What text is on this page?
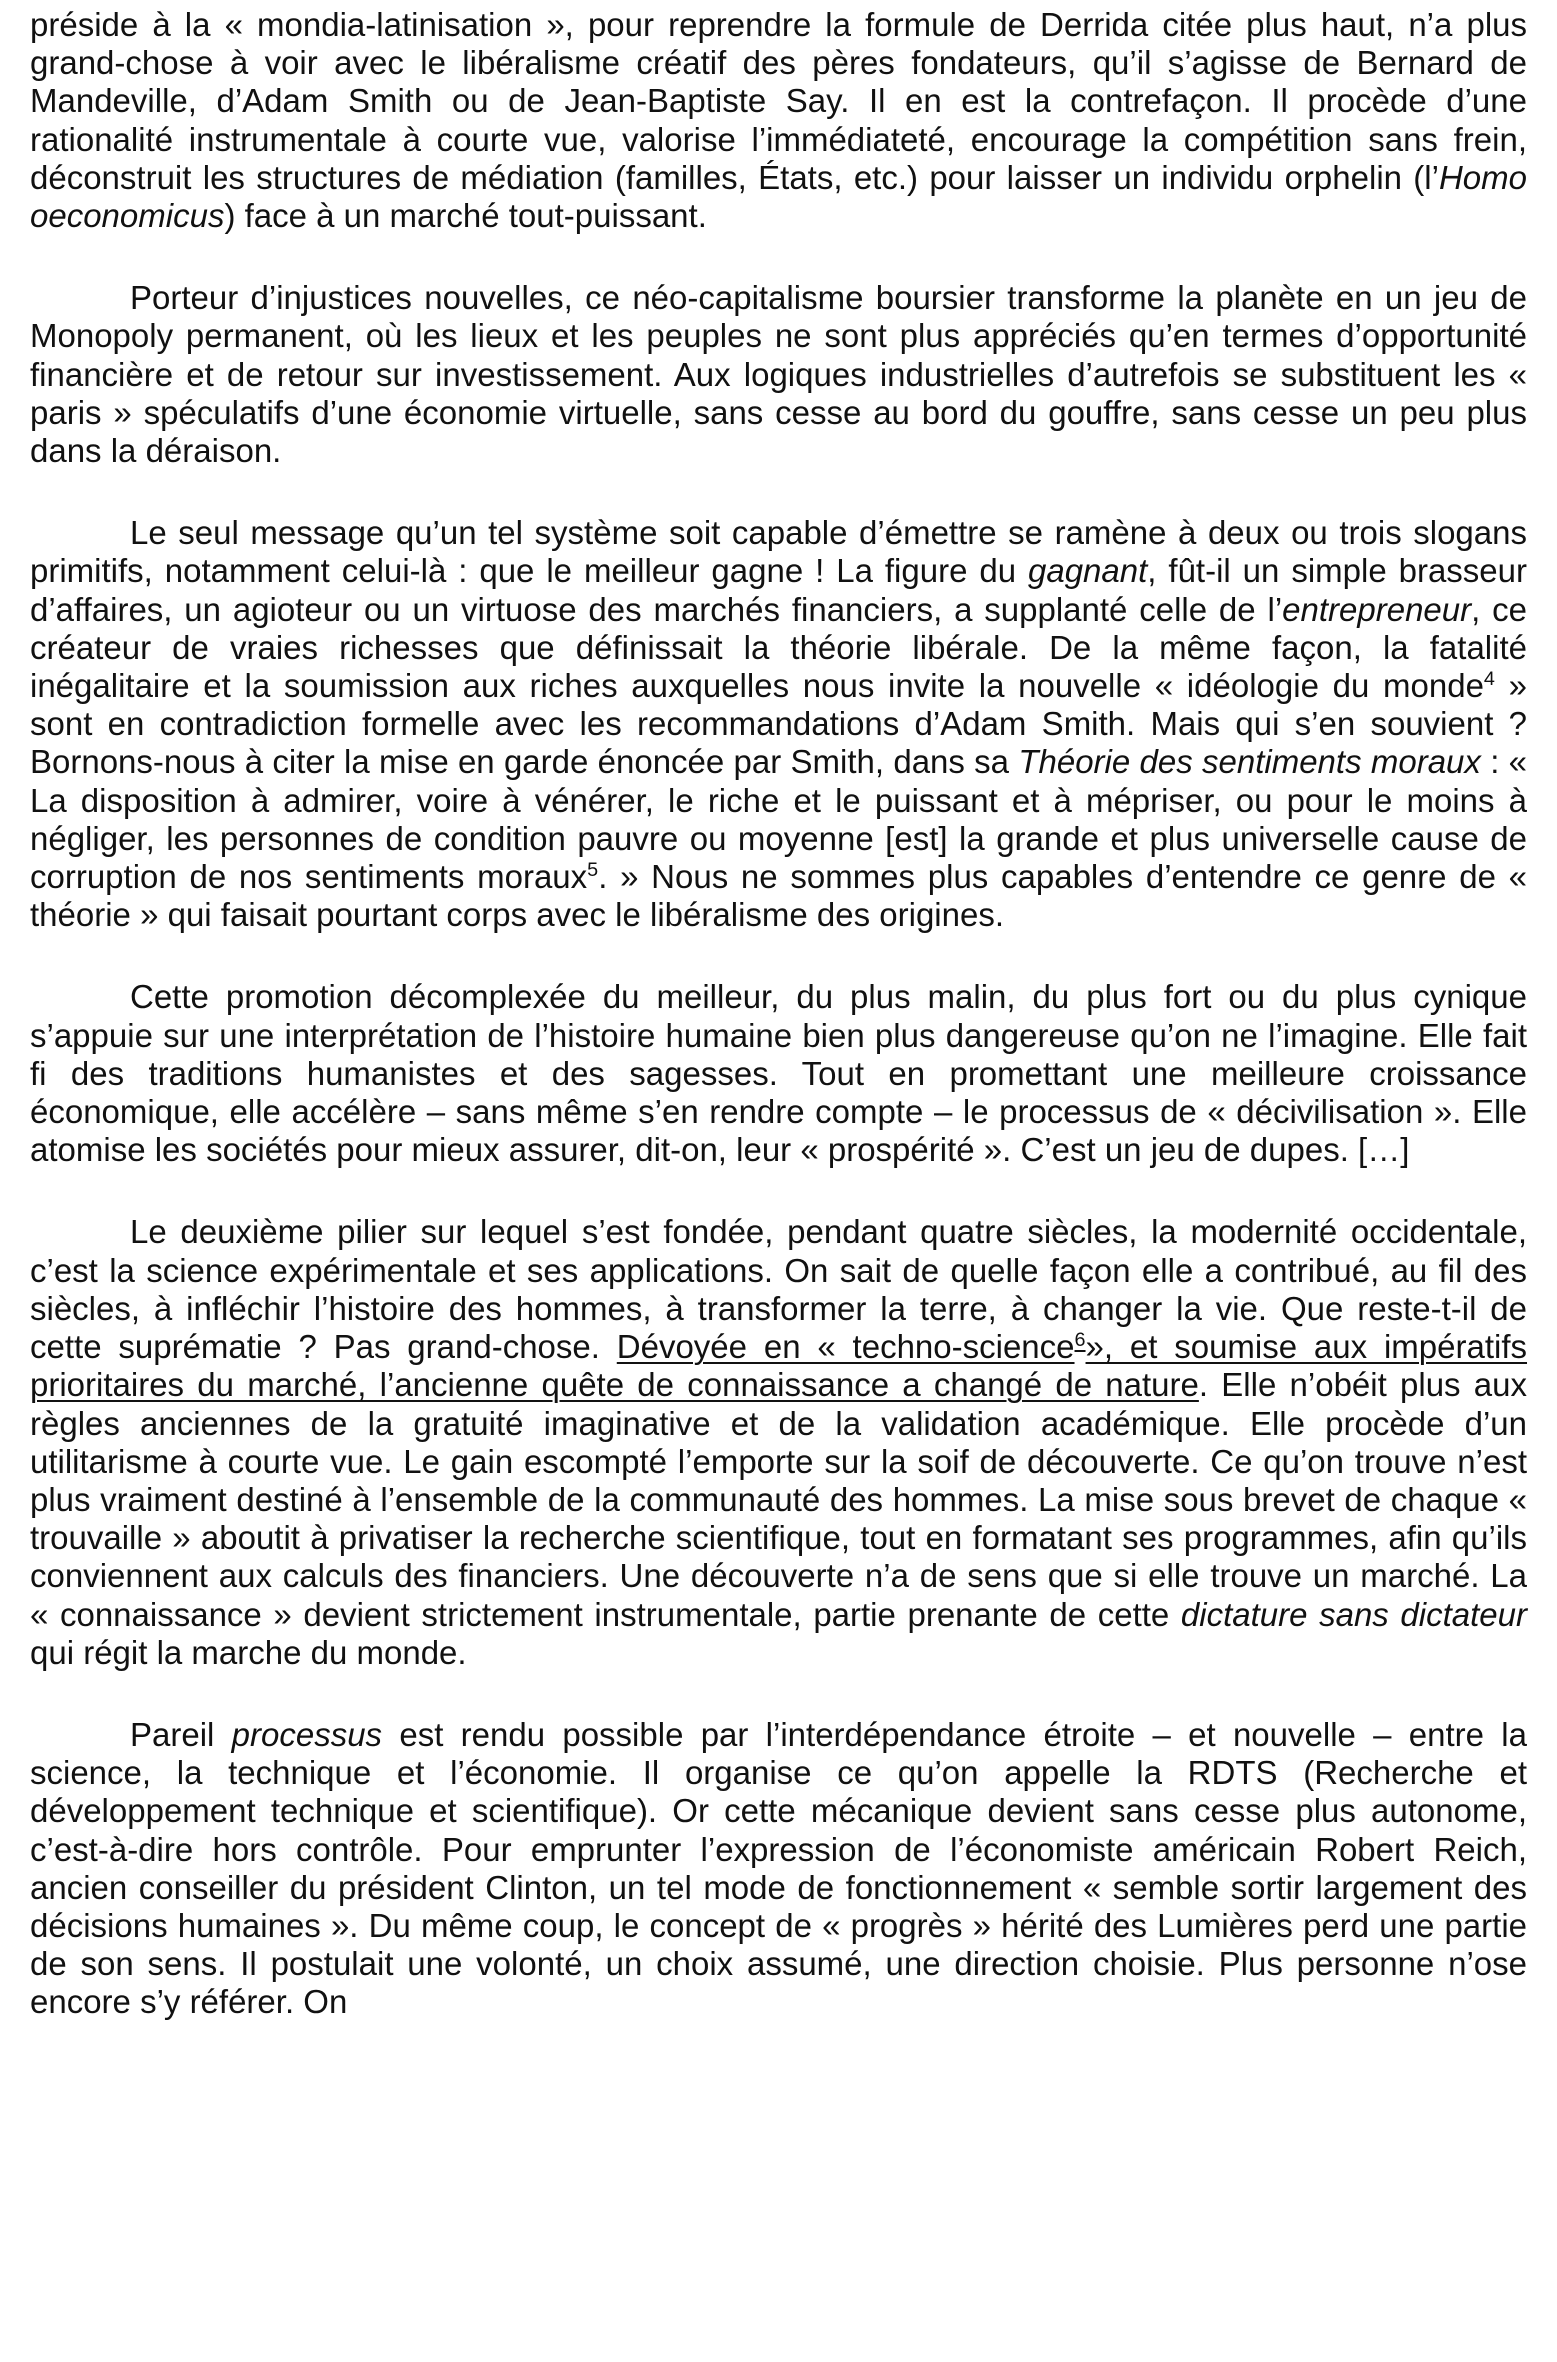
préside à la « mondia-latinisation », pour reprendre la formule de Derrida citée plus haut, n’a plus grand-chose à voir avec le libéralisme créatif des pères fondateurs, qu’il s’agisse de Bernard de Mandeville, d’Adam Smith ou de Jean-Baptiste Say. Il en est la contrefaçon. Il procède d’une rationalité instrumentale à courte vue, valorise l’immédiateté, encourage la compétition sans frein, déconstruit les structures de médiation (familles, États, etc.) pour laisser un individu orphelin (l’Homo oeconomicus) face à un marché tout-puissant.

Porteur d’injustices nouvelles, ce néo-capitalisme boursier transforme la planète en un jeu de Monopoly permanent, où les lieux et les peuples ne sont plus appréciés qu’en termes d’opportunité financière et de retour sur investissement. Aux logiques industrielles d’autrefois se substituent les « paris » spéculatifs d’une économie virtuelle, sans cesse au bord du gouffre, sans cesse un peu plus dans la déraison.

Le seul message qu’un tel système soit capable d’émettre se ramène à deux ou trois slogans primitifs, notamment celui-là : que le meilleur gagne ! La figure du gagnant, fût-il un simple brasseur d’affaires, un agioteur ou un virtuose des marchés financiers, a supplanté celle de l’entrepreneur, ce créateur de vraies richesses que définissait la théorie libérale. De la même façon, la fatalité inégalitaire et la soumission aux riches auxquelles nous invite la nouvelle « idéologie du monde$^4$ » sont en contradiction formelle avec les recommandations d’Adam Smith. Mais qui s’en souvient ? Bornons-nous à citer la mise en garde énoncée par Smith, dans sa Théorie des sentiments moraux : « La disposition à admirer, voire à vénérer, le riche et le puissant et à mépriser, ou pour le moins à négliger, les personnes de condition pauvre ou moyenne [est] la grande et plus universelle cause de corruption de nos sentiments moraux$^5$. » Nous ne sommes plus capables d’entendre ce genre de « théorie » qui faisait pourtant corps avec le libéralisme des origines.

Cette promotion décomplexée du meilleur, du plus malin, du plus fort ou du plus cynique s’appuie sur une interprétation de l’histoire humaine bien plus dangereuse qu’on ne l’imagine. Elle fait fi des traditions humanistes et des sagesses. Tout en promettant une meilleure croissance économique, elle accélère – sans même s’en rendre compte – le processus de « décivilisation ». Elle atomise les sociétés pour mieux assurer, dit-on, leur « prospérité ». C’est un jeu de dupes. […]

Le deuxième pilier sur lequel s’est fondée, pendant quatre siècles, la modernité occidentale, c’est la science expérimentale et ses applications. On sait de quelle façon elle a contribué, au fil des siècles, à infléchir l’histoire des hommes, à transformer la terre, à changer la vie. Que reste-t-il de cette suprématie ? Pas grand-chose. Dévoyée en « techno-science$^6$», et soumise aux impératifs prioritaires du marché, l’ancienne quête de connaissance a changé de nature. Elle n’obéit plus aux règles anciennes de la gratuité imaginative et de la validation académique. Elle procède d’un utilitarisme à courte vue. Le gain escompté l’emporte sur la soif de découverte. Ce qu’on trouve n’est plus vraiment destiné à l’ensemble de la communauté des hommes. La mise sous brevet de chaque « trouvaille » aboutit à privatiser la recherche scientifique, tout en formatant ses programmes, afin qu’ils conviennent aux calculs des financiers. Une découverte n’a de sens que si elle trouve un marché. La « connaissance » devient strictement instrumentale, partie prenante de cette dictature sans dictateur qui régit la marche du monde.

Pareil processus est rendu possible par l’interdépendance étroite – et nouvelle – entre la science, la technique et l’économie. Il organise ce qu’on appelle la RDTS (Recherche et développement technique et scientifique). Or cette mécanique devient sans cesse plus autonome, c’est-à-dire hors contrôle. Pour emprunter l’expression de l’économiste américain Robert Reich, ancien conseiller du président Clinton, un tel mode de fonctionnement « semble sortir largement des décisions humaines ». Du même coup, le concept de « progrès » hérité des Lumières perd une partie de son sens. Il postulait une volonté, un choix assumé, une direction choisie. Plus personne n’ose encore s’y référer. On
